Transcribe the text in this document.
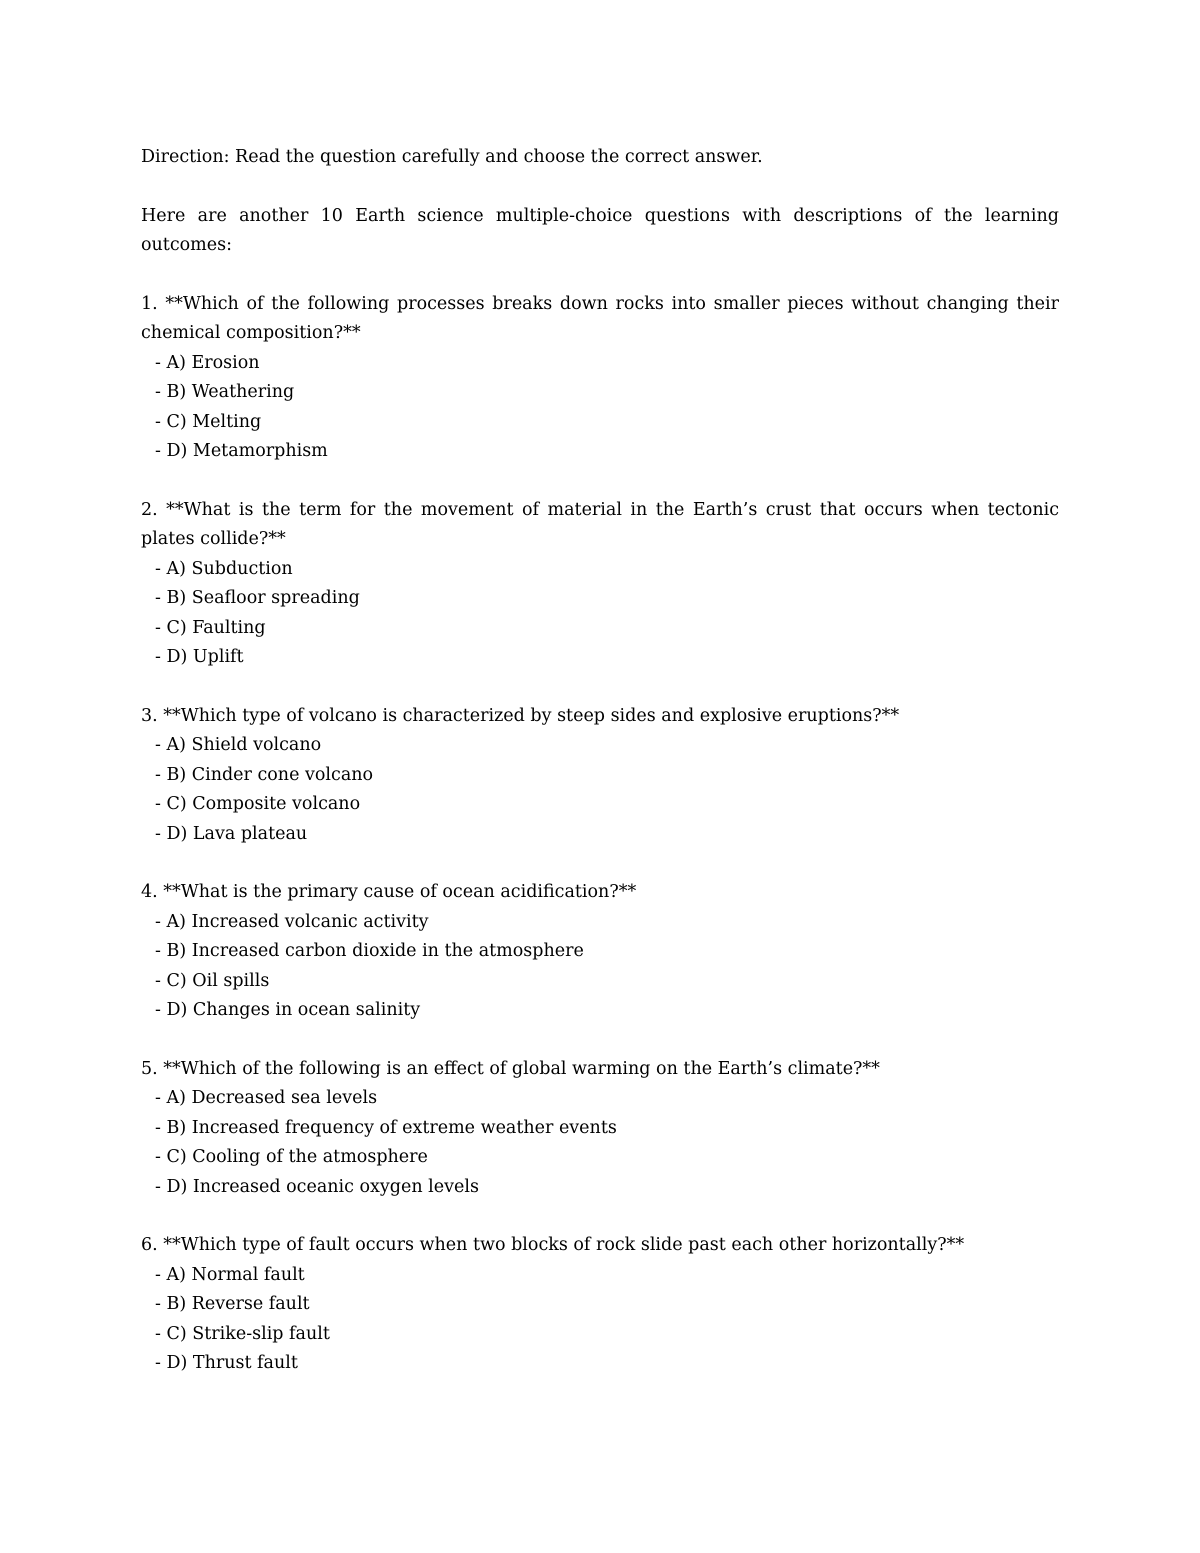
Direction: Read the question carefully and choose the correct answer.

Here are another 10 Earth science multiple-choice questions with descriptions of the learning outcomes:

1. **Which of the following processes breaks down rocks into smaller pieces without changing their chemical composition?**

- A) Erosion

- B) Weathering

- C) Melting

- D) Metamorphism

2. **What is the term for the movement of material in the Earth’s crust that occurs when tectonic plates collide?**

- A) Subduction

- B) Seafloor spreading

- C) Faulting

- D) Uplift

3. **Which type of volcano is characterized by steep sides and explosive eruptions?**

- A) Shield volcano

- B) Cinder cone volcano

- C) Composite volcano

- D) Lava plateau

4. **What is the primary cause of ocean acidification?**

- A) Increased volcanic activity

- B) Increased carbon dioxide in the atmosphere

- C) Oil spills

- D) Changes in ocean salinity

5. **Which of the following is an effect of global warming on the Earth’s climate?**

- A) Decreased sea levels

- B) Increased frequency of extreme weather events

- C) Cooling of the atmosphere

- D) Increased oceanic oxygen levels

6. **Which type of fault occurs when two blocks of rock slide past each other horizontally?**

- A) Normal fault

- B) Reverse fault

- C) Strike-slip fault

- D) Thrust fault
